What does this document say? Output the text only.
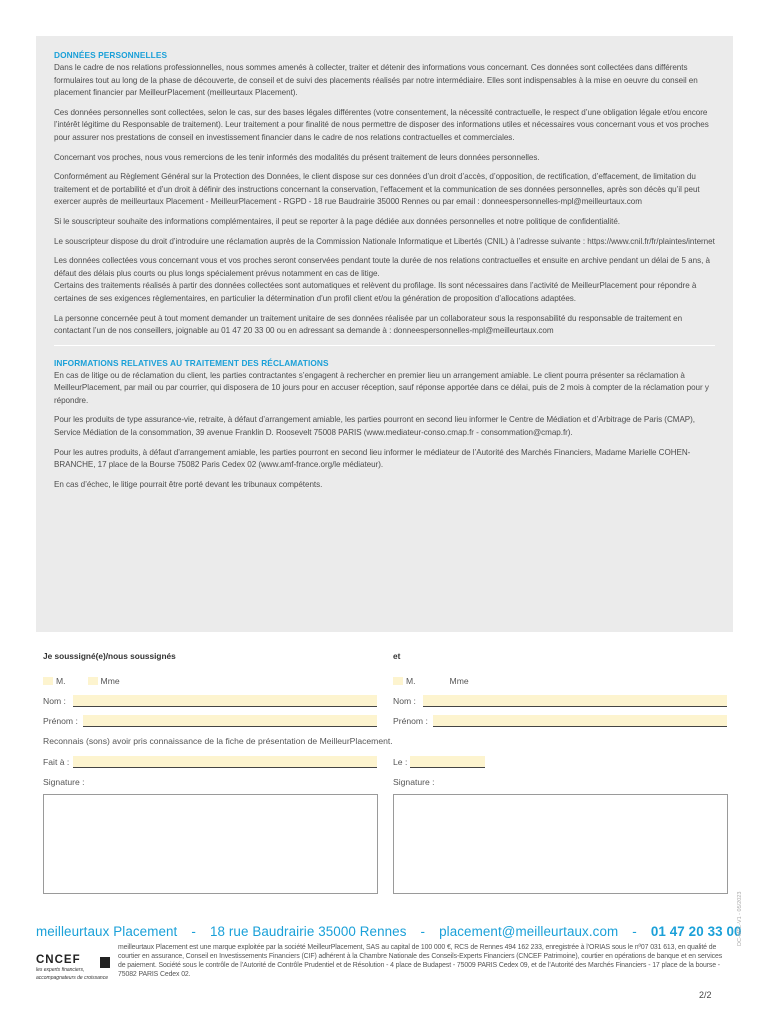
DONNÉES PERSONNELLES

Dans le cadre de nos relations professionnelles, nous sommes amenés à collecter, traiter et détenir des informations vous concernant. Ces données sont collectées dans différents formulaires tout au long de la phase de découverte, de conseil et de suivi des placements réalisés par notre intermédiaire. Elles sont indispensables à la mise en oeuvre du conseil en placement financier par MeilleurPlacement (meilleurtaux Placement).

Ces données personnelles sont collectées, selon le cas, sur des bases légales différentes (votre consentement, la nécessité contractuelle, le respect d’une obligation légale et/ou encore l’intérêt légitime du Responsable de traitement). Leur traitement a pour finalité de nous permettre de disposer des informations utiles et nécessaires vous concernant vous et vos proches pour assurer nos prestations de conseil en investissement financier dans le cadre de nos relations contractuelles et commerciales.

Concernant vos proches, nous vous remercions de les tenir informés des modalités du présent traitement de leurs données personnelles.

Conformément au Règlement Général sur la Protection des Données, le client dispose sur ces données d’un droit d’accès, d’opposition, de rectification, d’effacement, de limitation du traitement et de portabilité et d’un droit à définir des instructions concernant la conservation, l’effacement et la communication de ses données personnelles, après son décès qu’il peut exercer auprès de meilleurtaux Placement - MeilleurPlacement - RGPD - 18 rue Baudrairie 35000 Rennes ou par email : donneespersonnelles-mpl@meilleurtaux.com

Si le souscripteur souhaite des informations complémentaires, il peut se reporter à la page dédiée aux données personnelles et notre politique de confidentialité.

Le souscripteur dispose du droit d’introduire une réclamation auprès de la Commission Nationale Informatique et Libertés (CNIL) à l’adresse suivante : https://www.cnil.fr/fr/plaintes/internet

Les données collectées vous concernant vous et vos proches seront conservées pendant toute la durée de nos relations contractuelles et ensuite en archive pendant un délai de 5 ans, à défaut des délais plus courts ou plus longs spécialement prévus notamment en cas de litige.

Certains des traitements réalisés à partir des données collectées sont automatiques et relèvent du profilage. Ils sont nécessaires dans l’activité de MeilleurPlacement pour répondre à certaines de ses exigences règlementaires, en particulier la détermination d’un profil client et/ou la génération de proposition d’allocations adaptées.

La personne concernée peut à tout moment demander un traitement unitaire de ses données réalisée par un collaborateur sous la responsabilité du responsable de traitement en contactant l’un de nos conseillers, joignable au 01 47 20 33 00 ou en adressant sa demande à : donneespersonnelles-mpl@meilleurtaux.com

INFORMATIONS RELATIVES AU TRAITEMENT DES RÉCLAMATIONS

En cas de litige ou de réclamation du client, les parties contractantes s’engagent à rechercher en premier lieu un arrangement amiable. Le client pourra présenter sa réclamation à MeilleurPlacement, par mail ou par courrier, qui disposera de 10 jours pour en accuser réception, sauf réponse apportée dans ce délai, puis de 2 mois à compter de la réclamation pour y répondre.

Pour les produits de type assurance-vie, retraite, à défaut d’arrangement amiable, les parties pourront en second lieu informer le Centre de Médiation et d’Arbitrage de Paris (CMAP), Service Médiation de la consommation, 39 avenue Franklin D. Roosevelt 75008 PARIS (www.mediateur-conso.cmap.fr - consommation@cmap.fr).

Pour les autres produits, à défaut d’arrangement amiable, les parties pourront en second lieu informer le médiateur de l’Autorité des Marchés Financiers, Madame Marielle COHEN-BRANCHE, 17 place de la Bourse 75082 Paris Cedex 02 (www.amf-france.org/le médiateur).

En cas d’échec, le litige pourrait être porté devant les tribunaux compétents.

Je soussigné(e)/nous soussignés	et
M.	Mme	M.	Mme
Nom :	Nom :
Prénom :	Prénom :
Reconnais (sons) avoir pris connaissance de la fiche de présentation de MeilleurPlacement.
Fait à :	Le :
Signature :	Signature :
meilleurtaux Placement - 18 rue Baudrairie 35000 Rennes - placement@meilleurtaux.com - 01 47 20 33 00
CNCEF
les experts financiers,
accompagnateurs de croissance
meilleurtaux Placement est une marque exploitée par la société MeilleurPlacement, SAS au capital de 100 000 €, RCS de Rennes 494 162 233, enregistrée à l’ORIAS sous le nº07 031 613, en qualité de courtier en assurance, Conseil en Investissements Financiers (CIF) adhérent à la Chambre Nationale des Conseils-Experts Financiers (CNCEF Patrimoine), courtier en opérations de banque et en services de paiement. Société sous le contrôle de l’Autorité de Contrôle Prudentiel et de Résolution - 4 place de Budapest - 75009 PARIS Cedex 09, et de l’Autorité des Marchés Financiers - 17 place de la bourse - 75082 PARIS Cedex 02.
DC-MPL-V1 - 05/2023
2/2
